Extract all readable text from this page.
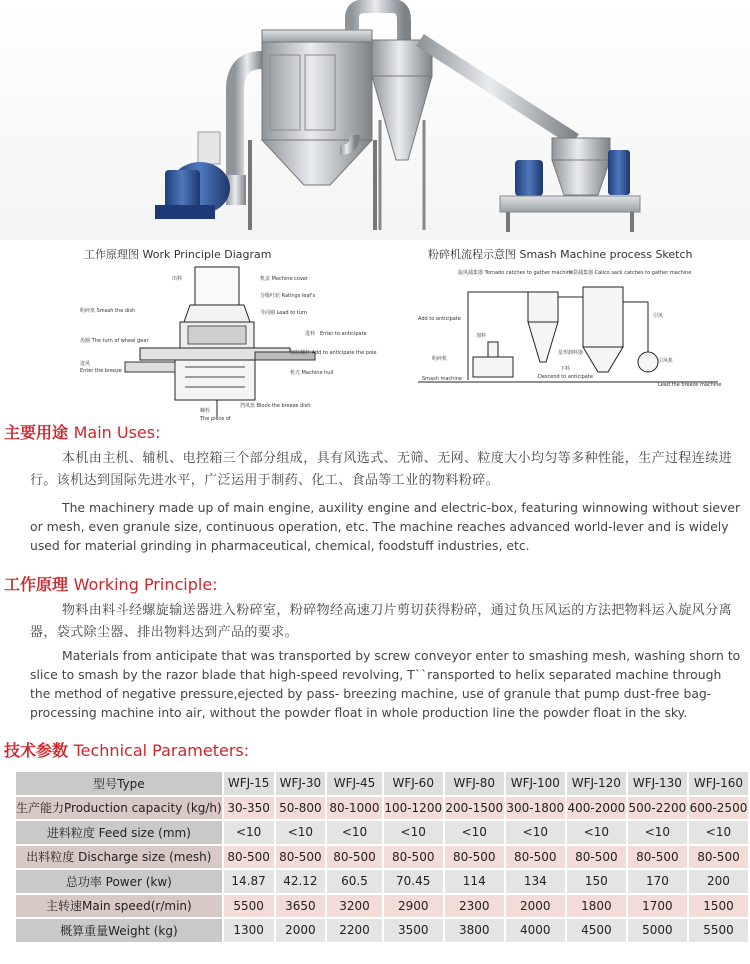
工作原理图 Work Principle Diagram	粉碎机流程示意图 Smash Machine process Sketch
出料	机盖 Machine cover
分级叶轮 Ratings leaf's
导向圈 Lead to turn
粉碎盘 Smash the dish
进料 Enter to anticipate
齿圈 The turn of wheel gear
加料螺杆 Add to anticipate the pole
进风
Enter the breeze	机壳 Machine hull
挡风盘 Block the breeze dish
螺栓
The piece of
旋风捕集器 Tornado catches to gather machine
布袋捕集器 Calico sack catches to gather machine
Add to anticipate
加料
粉碎机
Smash machine
星形卸料器
下料
Descend to anticipate
引风
引风机
Lead the breeze machine
主要用途 Main Uses:
本机由主机、辅机、电控箱三个部分组成，具有风选式、无筛、无网、粒度大小均匀等多种性能，生产过程连续进行。该机达到国际先进水平，广泛运用于制药、化工、食品等工业的物料粉碎。
The machinery made up of main engine, auxility engine and electric-box, featuring winnowing without siever or mesh, even granule size, continuous operation, etc. The machine reaches advanced world-lever and is widely used for material grinding in pharmaceutical, chemical, foodstuff industries, etc.
工作原理 Working Principle:
物料由料斗经螺旋输送器进入粉碎室，粉碎物经高速刀片剪切获得粉碎，通过负压风运的方法把物料运入旋风分离器，袋式除尘器、排出物料达到产品的要求。
Materials from anticipate that was transported by screw conveyor enter to smashing mesh, washing shorn to slice to smash by the razor blade that high-speed revolving, T``ransported to helix separated machine through the method of negative pressure,ejected by pass- breezing machine, use of granule that pump dust-free bag-processing machine into air, without the powder float in whole production line the powder float in the sky.
技术参数 Technical Parameters:
型号Type	WFJ-15	WFJ-30	WFJ-45	WFJ-60	WFJ-80	WFJ-100	WFJ-120	WFJ-130	WFJ-160
生产能力Production capacity (kg/h)	30-350	50-800	80-1000	100-1200	200-1500	300-1800	400-2000	500-2200	600-2500
进料粒度 Feed size (mm)	<10	<10	<10	<10	<10	<10	<10	<10	<10
出料粒度 Discharge size (mesh)	80-500	80-500	80-500	80-500	80-500	80-500	80-500	80-500	80-500
总功率 Power (kw)	14.87	42.12	60.5	70.45	114	134	150	170	200
主转速Main speed(r/min)	5500	3650	3200	2900	2300	2000	1800	1700	1500
概算重量Weight (kg)	1300	2000	2200	3500	3800	4000	4500	5000	5500
